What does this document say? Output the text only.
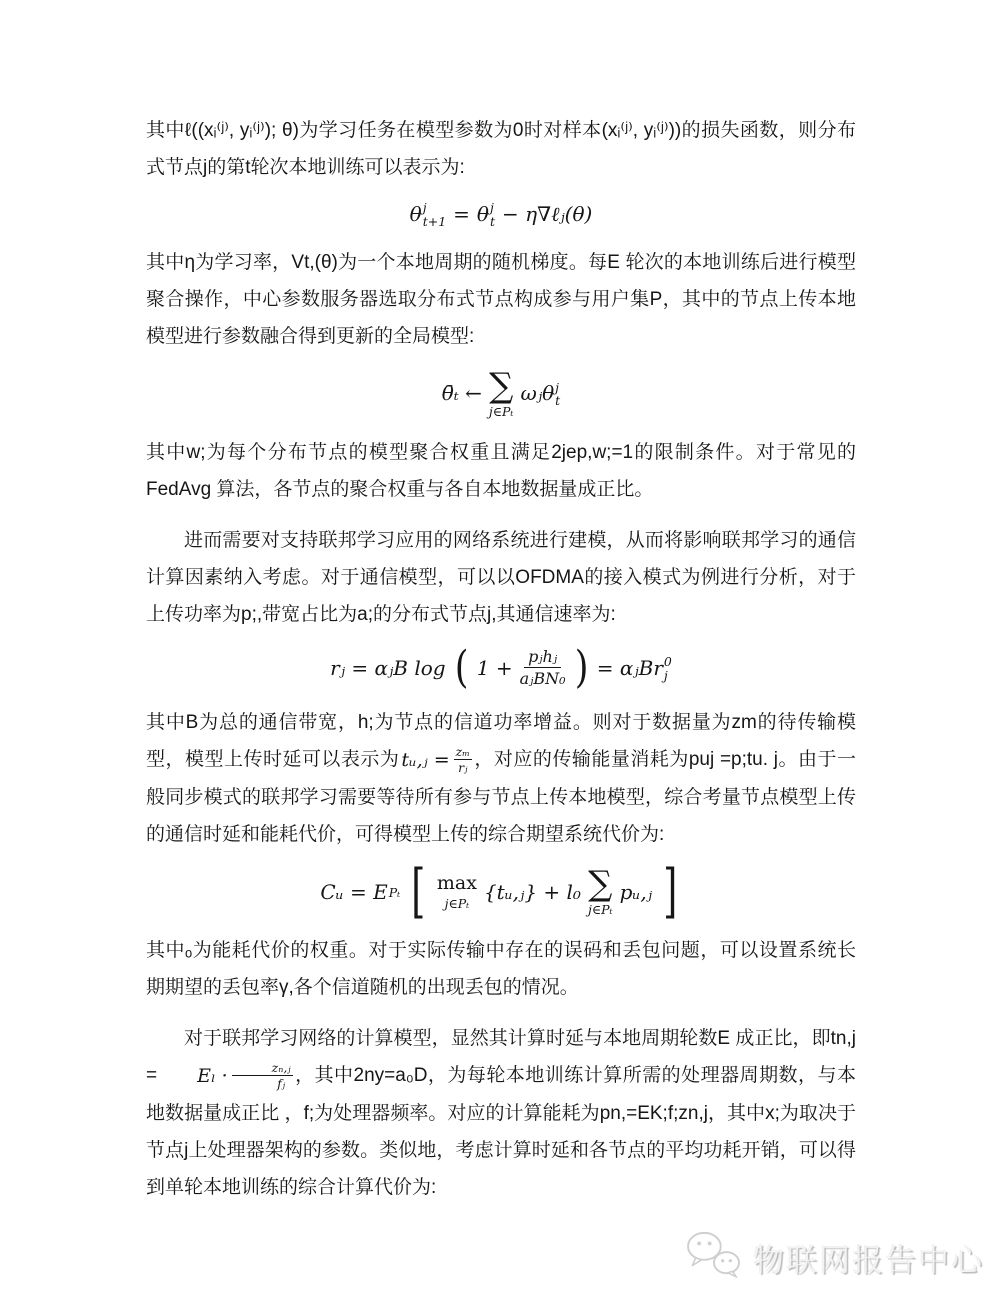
其中ℓ((xᵢ⁽ʲ⁾, yᵢ⁽ʲ⁾); θ)为学习任务在模型参数为0时对样本(xᵢ⁽ʲ⁾, yᵢ⁽ʲ⁾))的损失函数，则分布式节点j的第t轮次本地训练可以表示为:

θ j
t+1 = θ j
t − η∇ℓⱼ(θ)

其中η为学习率，Vt,(θ)为一个本地周期的随机梯度。每E 轮次的本地训练后进行模型聚合操作，中心参数服务器选取分布式节点构成参与用户集P，其中的节点上传本地模型进行参数融合得到更新的全局模型:

θ̄ₜ ← ∑
j∈Pₜ
ωⱼ θ j
t

其中w;为每个分布节点的模型聚合权重且满足2jep,w;=1的限制条件。对于常见的FedAvg 算法，各节点的聚合权重与各自本地数据量成正比。

进而需要对支持联邦学习应用的网络系统进行建模，从而将影响联邦学习的通信计算因素纳入考虑。对于通信模型，可以以OFDMA的接入模式为例进行分析，对于上传功率为p;,带宽占比为a;的分布式节点j,其通信速率为:

rⱼ = αⱼB log ( $1 + \frac{\text{pⱼhⱼ}}{\text{aⱼBN₀}}$ ) = αⱼB r 0
j

其中B为总的通信带宽，h;为节点的信道功率增益。则对于数据量为zm的待传输模型，模型上传时延可以表示为 tᵤ,ⱼ = $\frac{\text{zₘ}}{\text{rⱼ}}$ ，对应的传输能量消耗为puj =p;tu. j。由于一般同步模式的联邦学习需要等待所有参与节点上传本地模型，综合考量节点模型上传的通信时延和能耗代价，可得模型上传的综合期望系统代价为:

Cᵤ = E Pₜ [ max
j∈Pₜ {tᵤ,ⱼ} + l₀ ∑
j∈Pₜ
pᵤ,ⱼ ]

其中ₒ为能耗代价的权重。对于实际传输中存在的误码和丢包问题，可以设置系统长期期望的丢包率γ,各个信道随机的出现丢包的情况。

对于联邦学习网络的计算模型，显然其计算时延与本地周期轮数E 成正比，即tn,j =	Eₗ ·	zₙ,ⱼ
fⱼ ，其中2ny=a₀D，为每轮本地训练计算所需的处理器周期数，与本地数据量成正比 ，f;为处理器频率。对应的计算能耗为pn,=EK;f;zn,j，其中x;为取决于节点j上处理器架构的参数。类似地，考虑计算时延和各节点的平均功耗开销，可以得到单轮本地训练的综合计算代价为:

物联网报告中心
